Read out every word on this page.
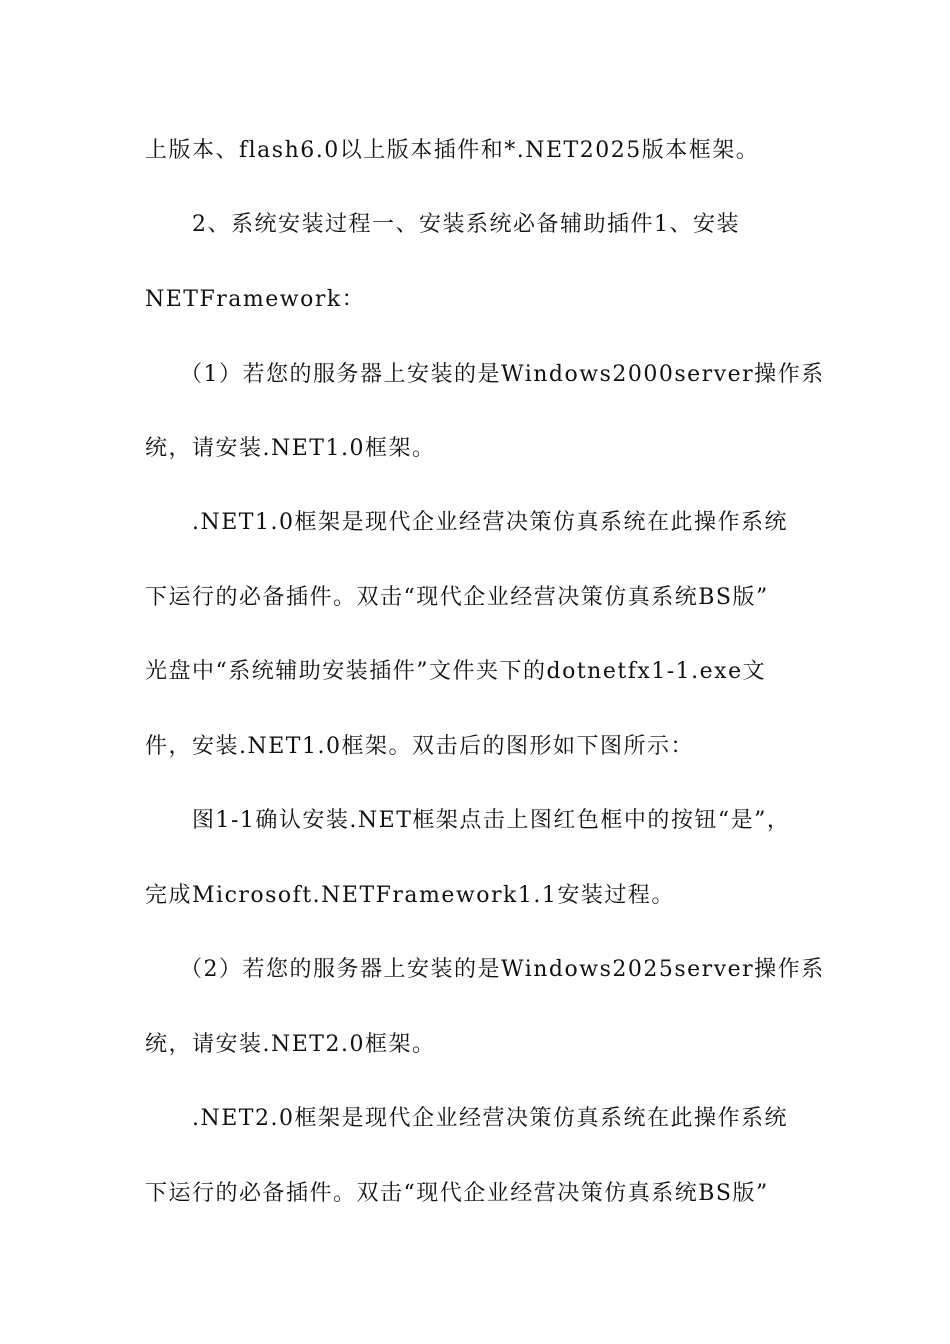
上版本、flash6.0以上版本插件和*.NET2025版本框架。
2、系统安装过程一、安装系统必备辅助插件1、安装
NETFramework：
（1）若您的服务器上安装的是Windows2000server操作系
统，请安装.NET1.0框架。
.NET1.0框架是现代企业经营决策仿真系统在此操作系统
下运行的必备插件。双击“现代企业经营决策仿真系统BS版”
光盘中“系统辅助安装插件”文件夹下的dotnetfx1-1.exe文
件，安装.NET1.0框架。双击后的图形如下图所示：
图1-1确认安装.NET框架点击上图红色框中的按钮“是”，
完成Microsoft.NETFramework1.1安装过程。
（2）若您的服务器上安装的是Windows2025server操作系
统，请安装.NET2.0框架。
.NET2.0框架是现代企业经营决策仿真系统在此操作系统
下运行的必备插件。双击“现代企业经营决策仿真系统BS版”
